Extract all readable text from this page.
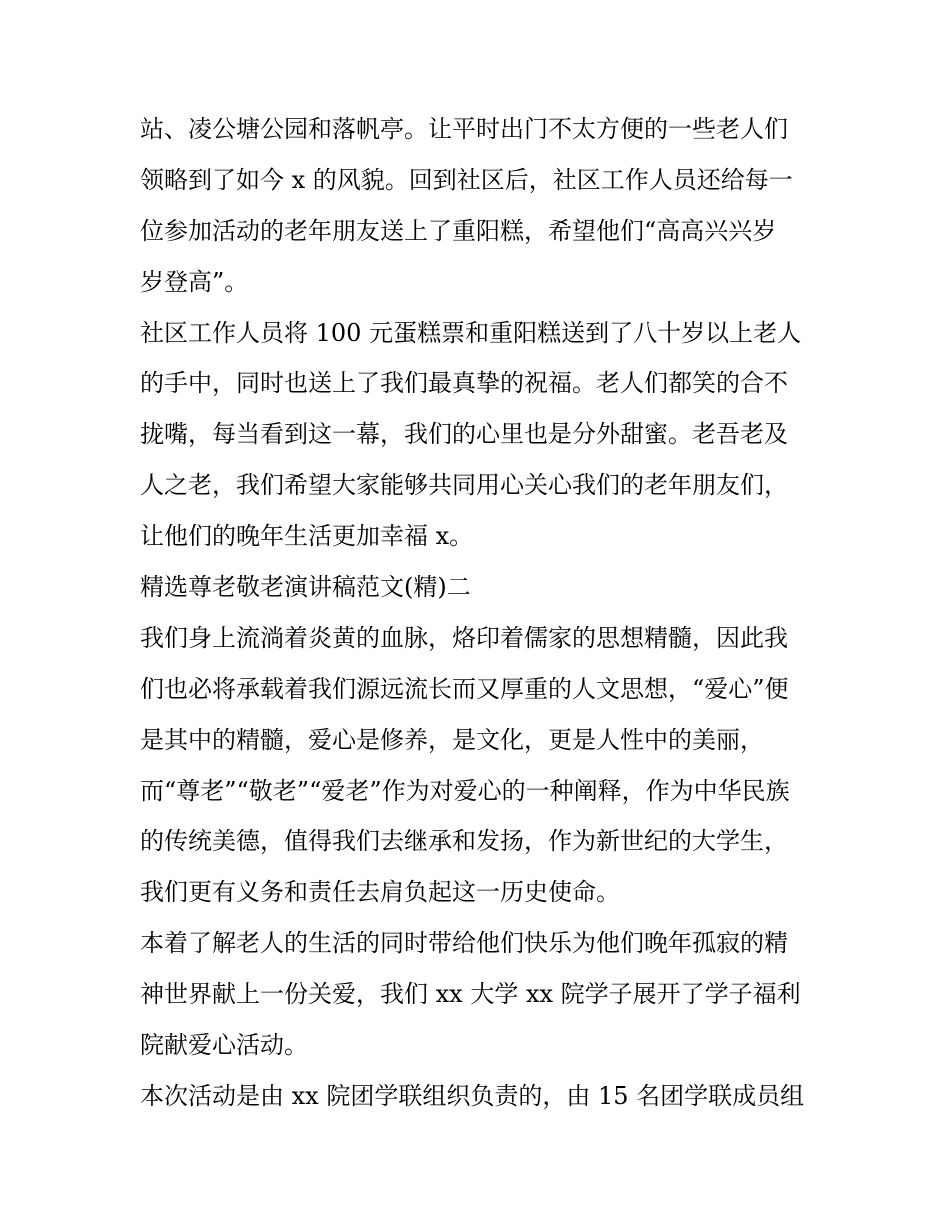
站、凌公塘公园和落帆亭。让平时出门不太方便的一些老人们
领略到了如今 x 的风貌。回到社区后，社区工作人员还给每一
位参加活动的老年朋友送上了重阳糕，希望他们“高高兴兴岁
岁登高”。

社区工作人员将 100 元蛋糕票和重阳糕送到了八十岁以上老人
的手中，同时也送上了我们最真挚的祝福。老人们都笑的合不
拢嘴，每当看到这一幕，我们的心里也是分外甜蜜。老吾老及
人之老，我们希望大家能够共同用心关心我们的老年朋友们，
让他们的晚年生活更加幸福 x。

精选尊老敬老演讲稿范文(精)二

我们身上流淌着炎黄的血脉，烙印着儒家的思想精髓，因此我
们也必将承载着我们源远流长而又厚重的人文思想，“爱心”便
是其中的精髓，爱心是修养，是文化，更是人性中的美丽，
而“尊老”“敬老”“爱老”作为对爱心的一种阐释，作为中华民族
的传统美德，值得我们去继承和发扬，作为新世纪的大学生，
我们更有义务和责任去肩负起这一历史使命。

本着了解老人的生活的同时带给他们快乐为他们晚年孤寂的精
神世界献上一份关爱，我们 xx 大学 xx 院学子展开了学子福利
院献爱心活动。

本次活动是由 xx 院团学联组织负责的，由 15 名团学联成员组
